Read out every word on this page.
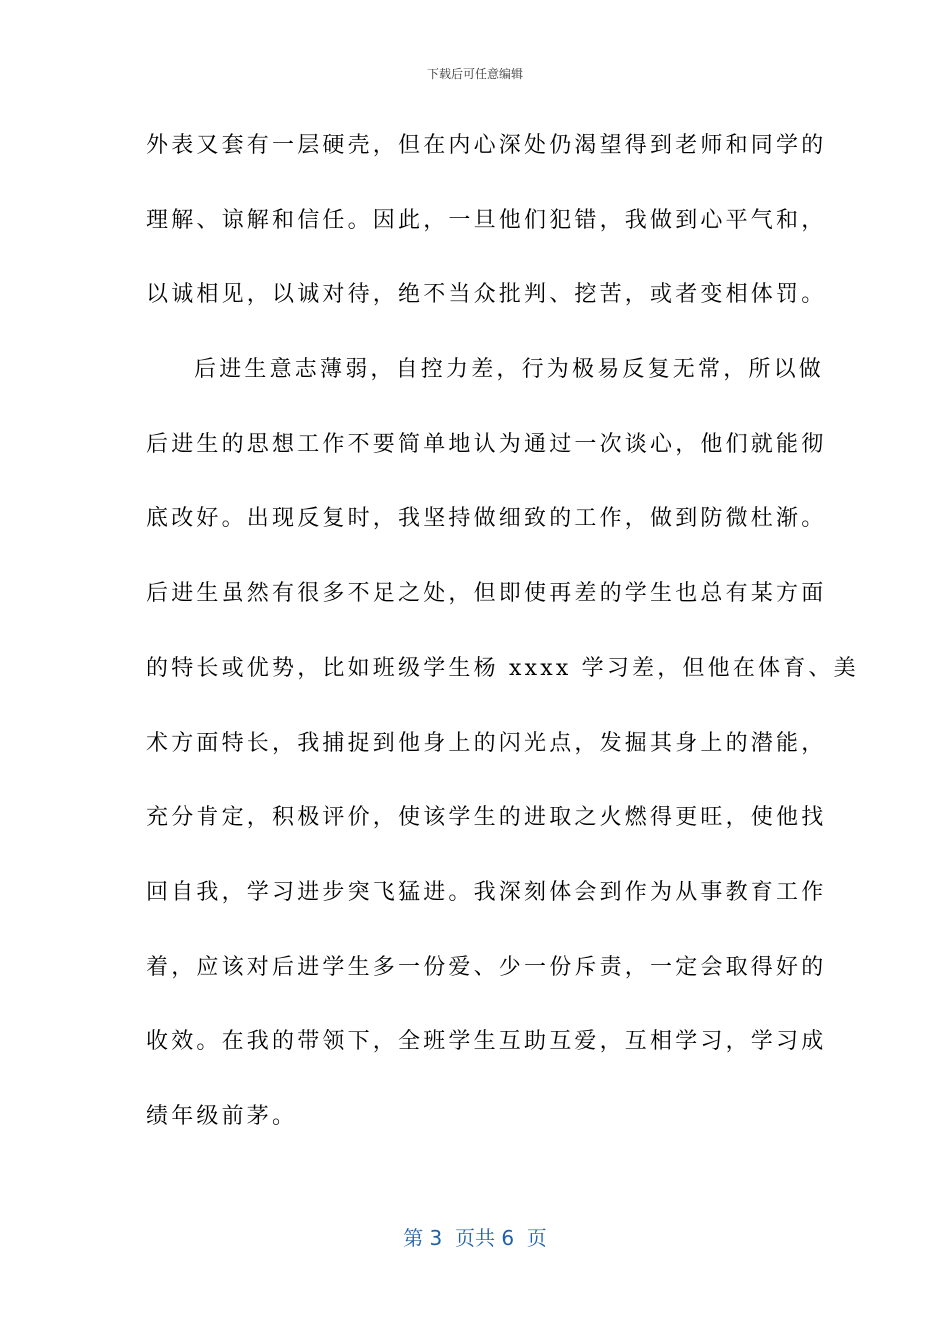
下载后可任意编辑
外表又套有一层硬壳，但在内心深处仍渴望得到老师和同学的
理解、谅解和信任。因此，一旦他们犯错，我做到心平气和，
以诚相见，以诚对待，绝不当众批判、挖苦，或者变相体罚。
后进生意志薄弱，自控力差，行为极易反复无常，所以做
后进生的思想工作不要简单地认为通过一次谈心，他们就能彻
底改好。出现反复时，我坚持做细致的工作，做到防微杜渐。
后进生虽然有很多不足之处，但即使再差的学生也总有某方面
的特长或优势，比如班级学生杨 xxxx 学习差，但他在体育、美
术方面特长，我捕捉到他身上的闪光点，发掘其身上的潜能，
充分肯定，积极评价，使该学生的进取之火燃得更旺，使他找
回自我，学习进步突飞猛进。我深刻体会到作为从事教育工作
着，应该对后进学生多一份爱、少一份斥责，一定会取得好的
收效。在我的带领下，全班学生互助互爱，互相学习，学习成
绩年级前茅。
第 3  页共 6  页
